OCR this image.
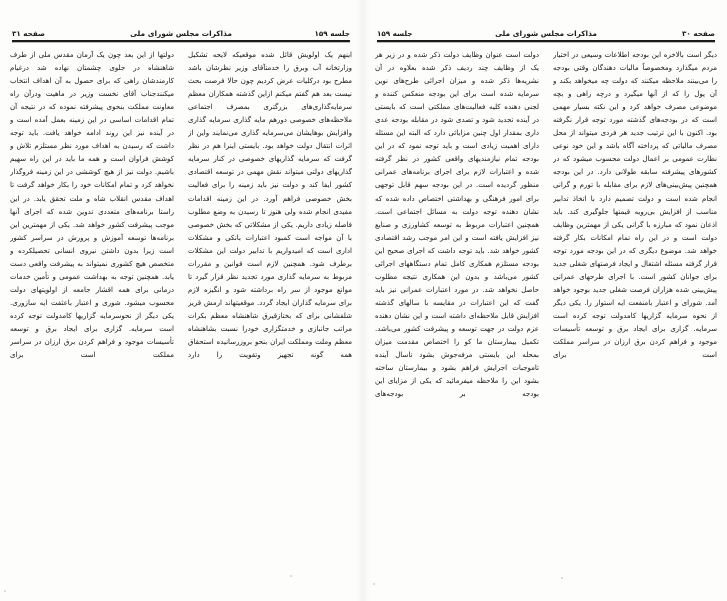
صفحه ۳۰
مذاکرات مجلس شورای ملی
جلسه ۱۵۹

دولت است عنوان وظایف دولت ذکر شده و در زیر هر یک از وظایف چند ردیف ذکر شده بعلاوه در آن نشریه‌ها ذکر شده و میزان اجرائی طرح‌های نوین سرمایه شده است برای این بودجه منعکس کننده و لجنی دهنده کلیه فعالیت‌های مملکتی است که بایستی در آینده تجدید شود و تصدی شود در مقابله بودجه عدی داری بمقدار اول چنین مزایائی دارد که البته این مسئله دارای اهمیت زیادی است و باید توجه نمود که در این بودجه تمام نیازمندیهای واقعی کشور در نظر گرفته شده و اعتبارات لازم برای اجرای برنامه‌های عمرانی منظور گردیده است. در این بودجه سهم قابل توجهی برای امور فرهنگی و بهداشتی اختصاص داده شده که نشان دهنده توجه دولت به مسائل اجتماعی است. همچنین اعتبارات مربوط به توسعه کشاورزی و صنایع نیز افزایش یافته است و این امر موجب رشد اقتصادی کشور خواهد شد. باید توجه داشت که اجرای صحیح این بودجه مستلزم همکاری کامل تمام دستگاههای اجرائی کشور می‌باشد و بدون این همکاری نتیجه مطلوب حاصل نخواهد شد. در مورد اعتبارات عمرانی نیز باید گفت که این اعتبارات در مقایسه با سالهای گذشته افزایش قابل ملاحظه‌ای داشته است و این نشان دهنده عزم دولت در جهت توسعه و پیشرفت کشور می‌باشد. تکمیل بیمارستان ما کو را اختصاص مقدمت میزان بمحله این بایستی مرفه‌جوش بشود تاسال آینده تاموجبات اجرایش فراهم بشود و بیمارستان ساخته بشود این را ملاحظه میفرمائید که یکی از مزایای این بودجه بر بودجه‌های

دیگر است بالاخره این بودجه اطلاعات وسیعی در اختیار مردم میگذارد ومخصوصاً مالیات دهندگان وقتی بودجه را می‌بینند ملاحظه میکنند که دولت چه میخواهد بکند و آن پول را که از آنها میگیرد و درچه راهی و بچه موضوعی مصرف خواهد کرد و این نکته بسیار مهمی است که در بودجه‌های گذشته مورد توجه قرار نگرفته بود. اکنون با این ترتیب جدید هر فردی میتواند از محل مصرف مالیاتی که پرداخته آگاه باشد و این خود نوعی نظارت عمومی بر اعمال دولت محسوب میشود که در کشورهای پیشرفته سابقه طولانی دارد. در این بودجه همچنین پیش‌بینی‌های لازم برای مقابله با تورم و گرانی انجام شده است و دولت تصمیم دارد با اتخاذ تدابیر مناسب از افزایش بی‌رویه قیمتها جلوگیری کند. باید اذعان نمود که مبارزه با گرانی یکی از مهمترین وظایف دولت است و در این راه تمام امکانات بکار گرفته خواهد شد. موضوع دیگری که در این بودجه مورد توجه قرار گرفته مسئله اشتغال و ایجاد فرصتهای شغلی جدید برای جوانان کشور است. با اجرای طرحهای عمرانی پیش‌بینی شده هزاران فرصت شغلی جدید بوجود خواهد آمد. شورای و اعتبار بامنفعت ایه استوار را. یکی دیگر از نحوه سرمایه گزاریها کامدولت توجه کرده است سرمایه. گزاری برای ایجاد برق و توسعه تأسیسات موجود و فراهم کردن برق ارزان در سراسر مملکت است برای

جلسه ۱۵۹
مذاکرات مجلس شورای ملی
صفحه ۳۱

دولتها از این بعد چون یک آرمان مقدس ملی از طرف شاهنشاه در جلوی چشمتان نهاده شد درغیام کارمندشان راهی که برای حصول به آن اهداف انتخاب میکنندجناب آقای نخست وزیر در ماهیت ودرآن راه معاونت مملکت بنحوی پیشرفته نموده که در نتیجه آن تمام اقدامات اساسی در این زمینه بعمل آمده است و در آینده نیز این روند ادامه خواهد یافت. باید توجه داشت که رسیدن به اهداف مورد نظر مستلزم تلاش و کوشش فراوان است و همه ما باید در این راه سهیم باشیم. دولت نیز از هیچ کوششی در این زمینه فروگذار نخواهد کرد و تمام امکانات خود را بکار خواهد گرفت تا اهداف مقدس انقلاب شاه و ملت تحقق یابد. در این راستا برنامه‌های متعددی تدوین شده که اجرای آنها موجب پیشرفت کشور خواهد شد. یکی از مهمترین این برنامه‌ها توسعه آموزش و پرورش در سراسر کشور است زیرا بدون داشتن نیروی انسانی تحصیلکرده و متخصص هیچ کشوری نمیتواند به پیشرفت واقعی دست یابد. همچنین توجه به بهداشت عمومی و تأمین خدمات درمانی برای همه اقشار جامعه از اولویتهای دولت محسوب میشود. شوری و اعتبار باعثفت ایه سازوری. یکی دیگر از نحوسرمایه گزاریها کامدولت توجه کرده است سرمایه. گزاری برای ایجاد برق و توسعه تأسیسات موجود و فراهم کردن برق ارزان در سراسر مملکت است برای

اینهم یک اولویش قائل شده موقعیکه لایحه تشکیل وزارتخانه آب وبرق را خدمتآقای وزیر نظرشان باشد مطرح بود درکلیات عرض کردیم چون حالا فرصت بحث نیست بعد هم گفتم میکنم ازاین گذشته همکاران معظم سرمایه‌گذاری‌های بزرگتری بمصرف اجتماعی ملاحظه‌های خصوصی دورهم مایه گذاری سرمایه گذاری وافزایش بوهایشان می‌سرمایه گذاری می‌نمایند واین از اثرات انتقال دولت خواهد بود. بایستی اینرا هم در نظر گرفت که سرمایه گذاریهای خصوصی در کنار سرمایه گذاریهای دولتی میتواند نقش مهمی در توسعه اقتصادی کشور ایفا کند و دولت نیز باید زمینه را برای فعالیت بخش خصوصی فراهم آورد. در این زمینه اقدامات مفیدی انجام شده ولی هنوز تا رسیدن به وضع مطلوب فاصله زیادی داریم. یکی از مشکلاتی که بخش خصوصی با آن مواجه است کمبود اعتبارات بانکی و مشکلات اداری است که امیدواریم با تدابیر دولت این مشکلات برطرف شود. همچنین لازم است قوانین و مقررات مربوط به سرمایه گذاری مورد تجدید نظر قرار گیرد تا موانع موجود از سر راه برداشته شود و انگیزه لازم برای سرمایه گذاران ایجاد گردد. موقعیتهاند ارمش قریر شلفشانی برای که بختازقیرق شاهنشاه معظم بکرات مراتب جانبازی و خدمتگزاری خودرا نسبت بشاهنشاه معظم وملت ومملکت ایران بنحو بروزرسانیده استحقاق همه گونه تجهیز وتقویت را دارد
